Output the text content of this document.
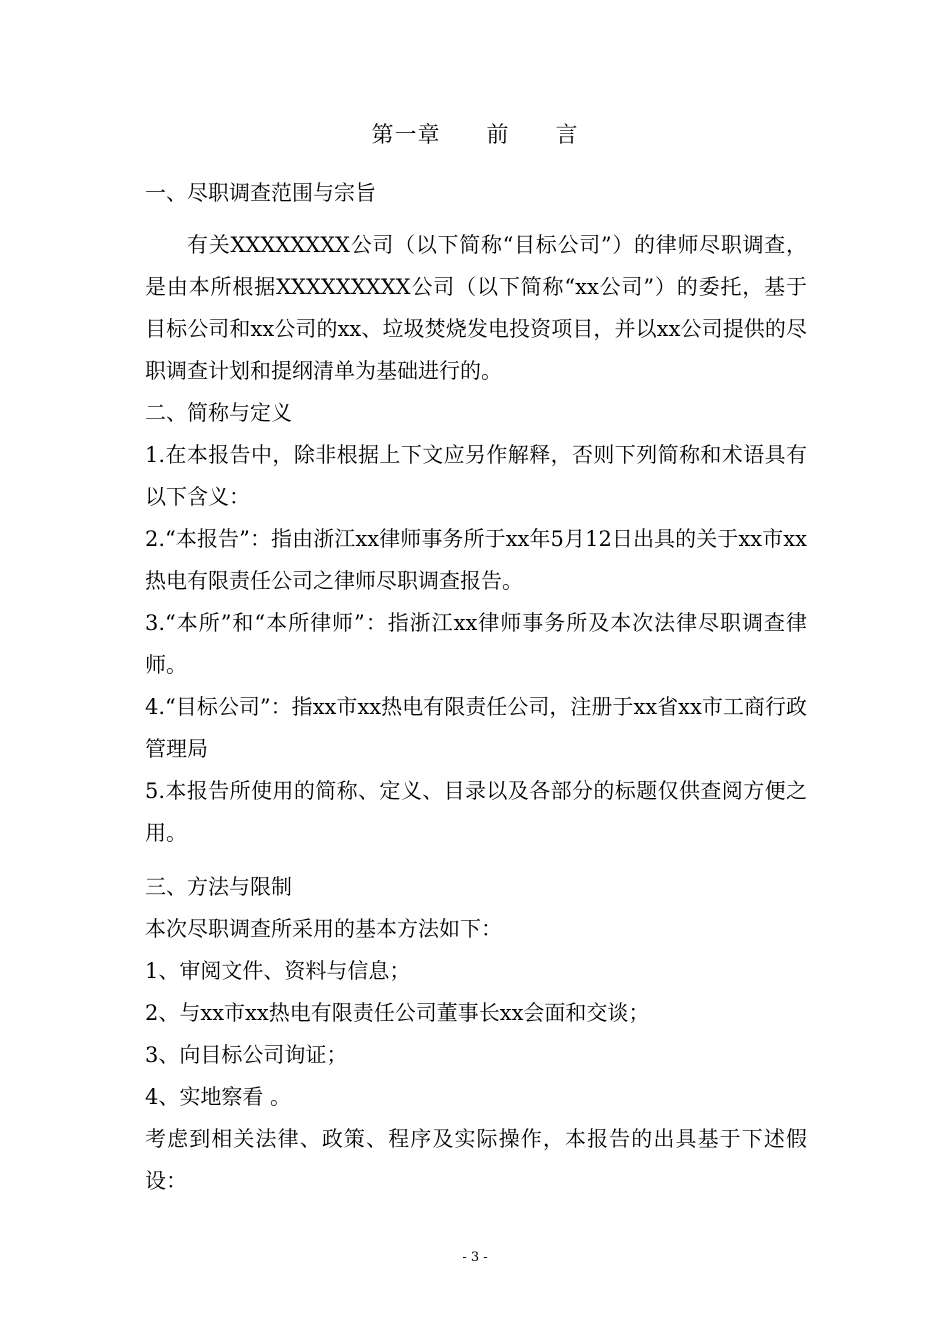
第一章　　前　　言

一、尽职调查范围与宗旨

有关XXXXXXXX公司（以下简称“目标公司”）的律师尽职调查，是由本所根据XXXXXXXXX公司（以下简称“xx公司”）的委托，基于目标公司和xx公司的xx、垃圾焚烧发电投资项目，并以xx公司提供的尽职调查计划和提纲清单为基础进行的。

二、简称与定义

1.在本报告中，除非根据上下文应另作解释，否则下列简称和术语具有以下含义：

2.“本报告”：指由浙江xx律师事务所于xx年5月12日出具的关于xx市xx热电有限责任公司之律师尽职调查报告。

3.“本所”和“本所律师”：指浙江xx律师事务所及本次法律尽职调查律师。

4.“目标公司”：指xx市xx热电有限责任公司，注册于xx省xx市工商行政管理局

5.本报告所使用的简称、定义、目录以及各部分的标题仅供查阅方便之用。

三、方法与限制

本次尽职调查所采用的基本方法如下：

1、审阅文件、资料与信息；

2、与xx市xx热电有限责任公司董事长xx会面和交谈；

3、向目标公司询证；

4、实地察看 。

考虑到相关法律、政策、程序及实际操作，本报告的出具基于下述假设：

- 3 -
